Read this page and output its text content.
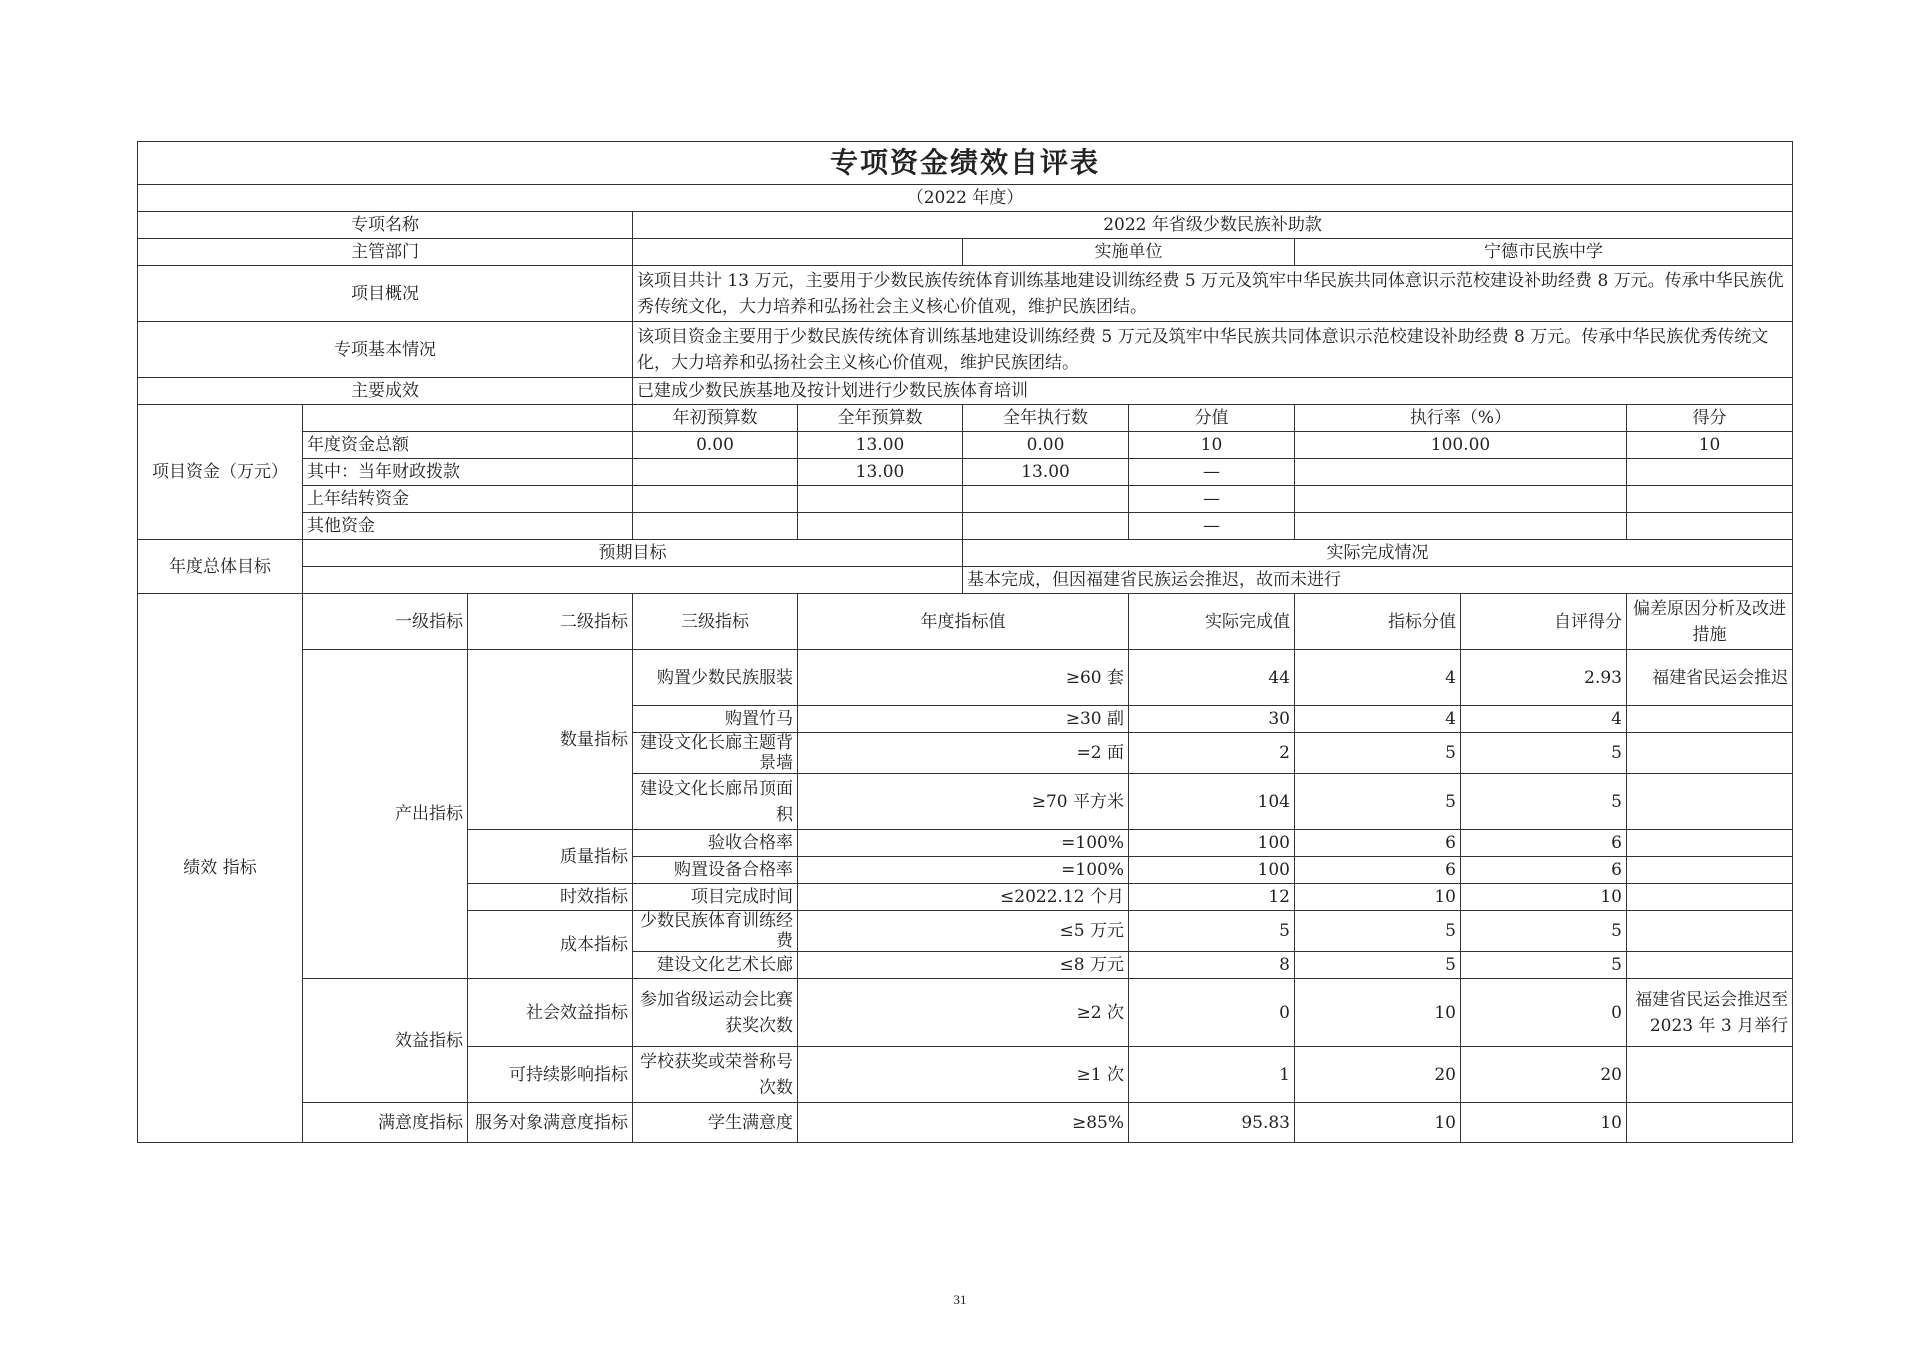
专项资金绩效自评表									
（2022 年度）									
专项名称			2022 年省级少数民族补助款						
主管部门					实施单位		宁德市民族中学		
项目概况			该项目共计 13 万元，主要用于少数民族传统体育训练基地建设训练经费 5 万元及筑牢中华民族共同体意识示范校建设补助经费 8 万元。传承中华民族优秀传统文化，大力培养和弘扬社会主义核心价值观，维护民族团结。						
专项基本情况			该项目资金主要用于少数民族传统体育训练基地建设训练经费 5 万元及筑牢中华民族共同体意识示范校建设补助经费 8 万元。传承中华民族优秀传统文化，大力培养和弘扬社会主义核心价值观，维护民族团结。						
主要成效			已建成少数民族基地及按计划进行少数民族体育培训						
项目资金（万元）			年初预算数	全年预算数	全年执行数	分值	执行率（%）		得分
	年度资金总额		0.00	13.00	0.00	10	100.00		10
	其中：当年财政拨款			13.00	13.00	—			
	上年结转资金					—			
	其他资金					—			
年度总体目标	预期目标				实际完成情况				
					基本完成，但因福建省民族运会推迟，故而未进行				
绩效 指标	一级指标	二级指标	三级指标	年度指标值		实际完成值	指标分值	自评得分	偏差原因分析及改进措施
	产出指标	数量指标	购置少数民族服装	≥60 套		44	4	2.93	福建省民运会推迟
			购置竹马	≥30 副		30	4	4	
			建设文化长廊主题背景墙	=2 面		2	5	5	
			建设文化长廊吊顶面积	≥70 平方米		104	5	5	
		质量指标	验收合格率	=100%		100	6	6	
			购置设备合格率	=100%		100	6	6	
		时效指标	项目完成时间	≤2022.12 个月		12	10	10	
		成本指标	少数民族体育训练经费	≤5 万元		5	5	5	
			建设文化艺术长廊	≤8 万元		8	5	5	
	效益指标	社会效益指标	参加省级运动会比赛获奖次数	≥2 次		0	10	0	福建省民运会推迟至 2023 年 3 月举行
		可持续影响指标	学校获奖或荣誉称号次数	≥1 次		1	20	20	
	满意度指标	服务对象满意度指标	学生满意度	≥85%		95.83	10	10	
31
